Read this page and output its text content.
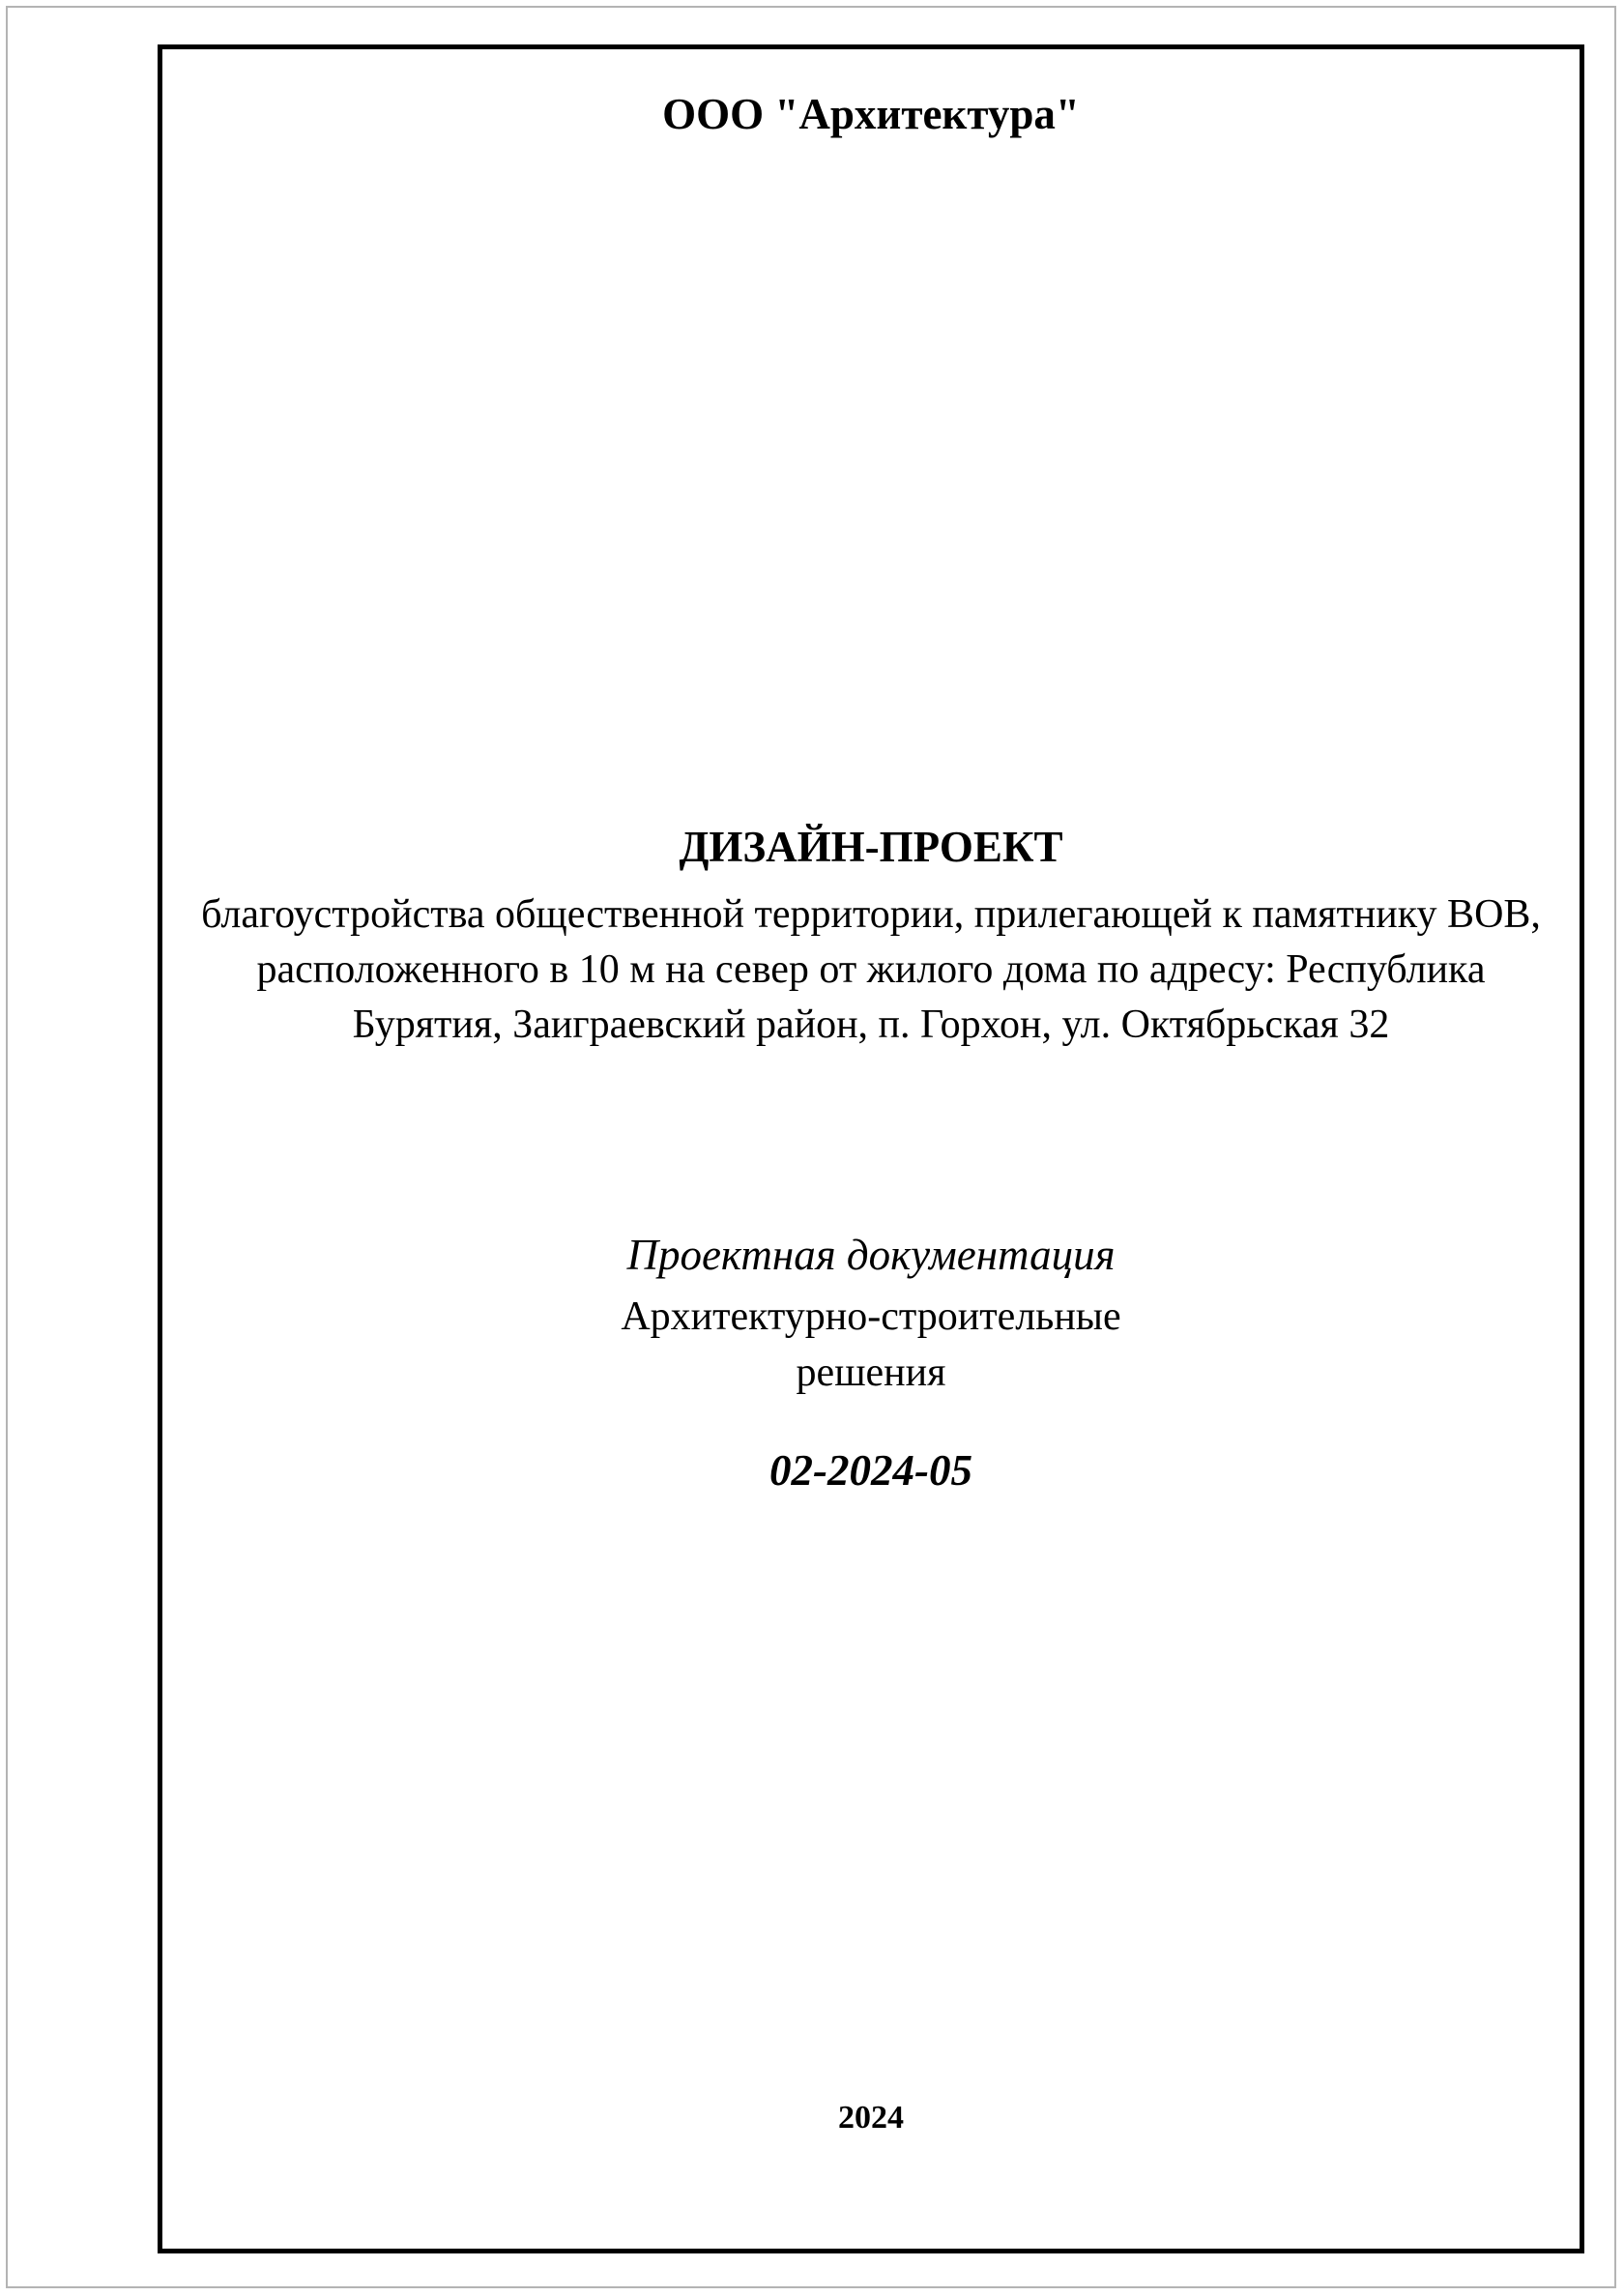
ООО "Архитектура"
ДИЗАЙН-ПРОЕКТ
благоустройства общественной территории, прилегающей к памятнику ВОВ,
расположенного в 10 м на север от жилого дома по адресу: Республика
Бурятия, Заиграевский район, п. Горхон, ул. Октябрьская 32
Проектная документация
Архитектурно-строительные
решения
02-2024-05
2024
